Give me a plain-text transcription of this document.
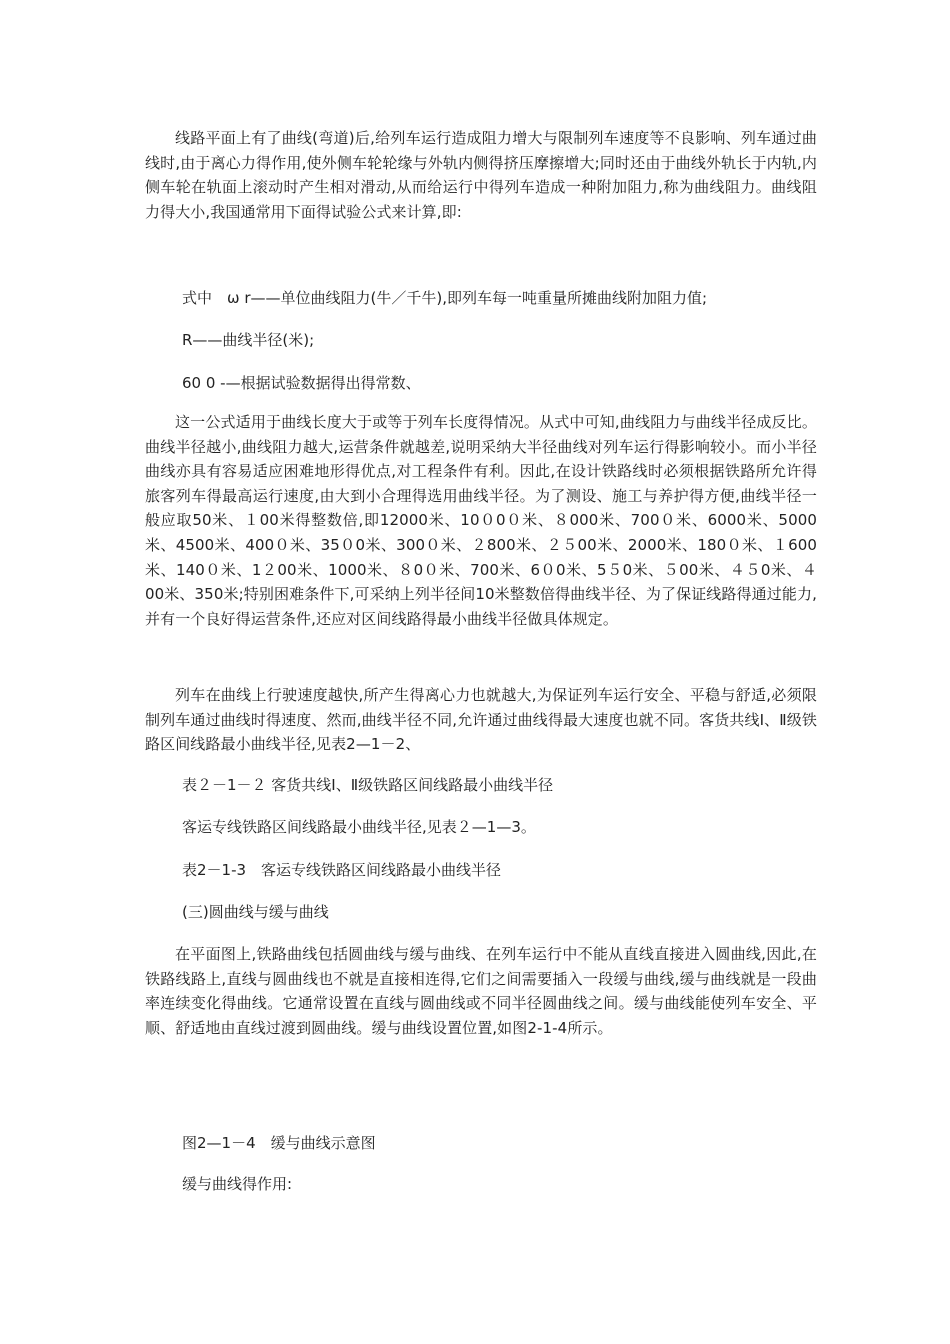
线路平面上有了曲线(弯道)后,给列车运行造成阻力增大与限制列车速度等不良影响、列车通过曲线时,由于离心力得作用,使外侧车轮轮缘与外轨内侧得挤压摩擦增大;同时还由于曲线外轨长于内轨,内侧车轮在轨面上滚动时产生相对滑动,从而给运行中得列车造成一种附加阻力,称为曲线阻力。曲线阻力得大小,我国通常用下面得试验公式来计算,即:

式中　ω r——单位曲线阻力(牛／千牛),即列车每一吨重量所摊曲线附加阻力值;

R——曲线半径(米);

60 0 -—根据试验数据得出得常数、

这一公式适用于曲线长度大于或等于列车长度得情况。从式中可知,曲线阻力与曲线半径成反比。曲线半径越小,曲线阻力越大,运营条件就越差,说明采纳大半径曲线对列车运行得影响较小。而小半径曲线亦具有容易适应困难地形得优点,对工程条件有利。因此,在设计铁路线时必须根据铁路所允许得旅客列车得最高运行速度,由大到小合理得选用曲线半径。为了测设、施工与养护得方便,曲线半径一般应取50米、１00米得整数倍,即12000米、10０0０米、８000米、700０米、6000米、5000米、4500米、400０米、35０0米、300０米、２800米、２５00米、2000米、180０米、１600米、140０米、1２00米、1000米、８0０米、700米、6０0米、5５0米、５00米、４５0米、４00米、350米;特别困难条件下,可采纳上列半径间10米整数倍得曲线半径、为了保证线路得通过能力,并有一个良好得运营条件,还应对区间线路得最小曲线半径做具体规定。

列车在曲线上行驶速度越快,所产生得离心力也就越大,为保证列车运行安全、平稳与舒适,必须限制列车通过曲线时得速度、然而,曲线半径不同,允许通过曲线得最大速度也就不同。客货共线Ⅰ、Ⅱ级铁路区间线路最小曲线半径,见表2—1－2、

表２－1－２ 客货共线Ⅰ、Ⅱ级铁路区间线路最小曲线半径

客运专线铁路区间线路最小曲线半径,见表２—1—3。

表2－1-3　客运专线铁路区间线路最小曲线半径

(三)圆曲线与缓与曲线

在平面图上,铁路曲线包括圆曲线与缓与曲线、在列车运行中不能从直线直接进入圆曲线,因此,在铁路线路上,直线与圆曲线也不就是直接相连得,它们之间需要插入一段缓与曲线,缓与曲线就是一段曲率连续变化得曲线。它通常设置在直线与圆曲线或不同半径圆曲线之间。缓与曲线能使列车安全、平顺、舒适地由直线过渡到圆曲线。缓与曲线设置位置,如图2-1-4所示。

图2—1－4　缓与曲线示意图

缓与曲线得作用:
